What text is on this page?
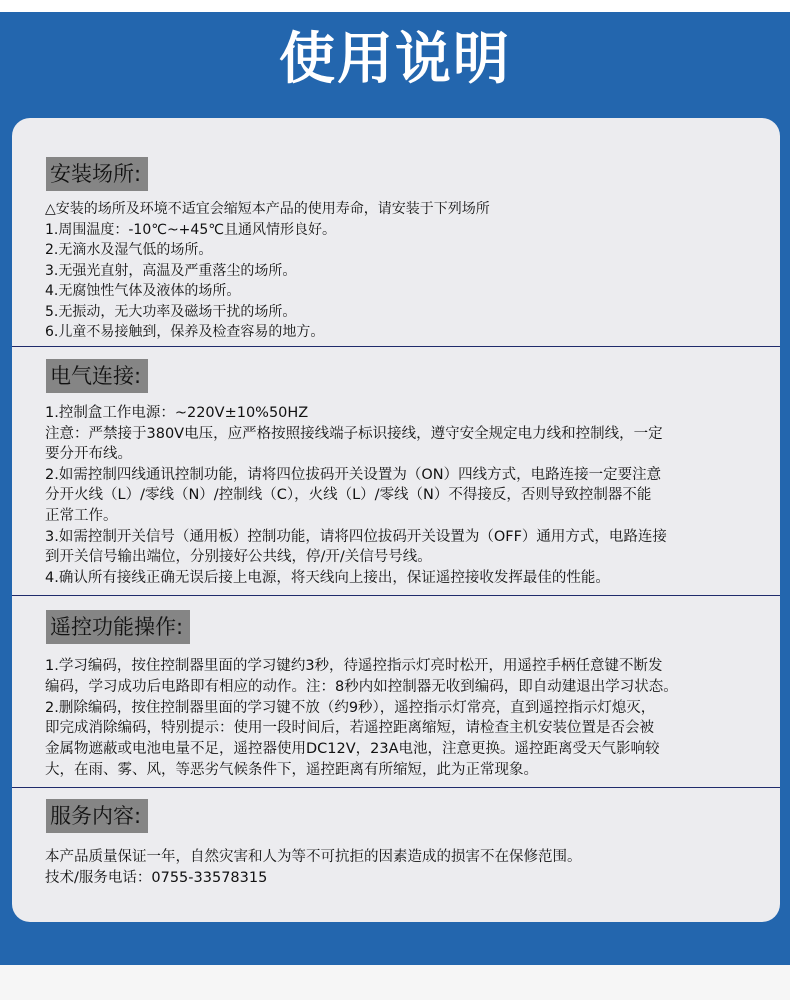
使用说明
安装场所:
△安装的场所及环境不适宜会缩短本产品的使用寿命，请安装于下列场所
1.周围温度：-10℃~+45℃且通风情形良好。
2.无滴水及湿气低的场所。
3.无强光直射，高温及严重落尘的场所。
4.无腐蚀性气体及液体的场所。
5.无振动，无大功率及磁场干扰的场所。
6.儿童不易接触到，保养及检查容易的地方。
电气连接:
1.控制盒工作电源：~220V±10%50HZ
注意：严禁接于380V电压，应严格按照接线端子标识接线，遵守安全规定电力线和控制线，一定
要分开布线。
2.如需控制四线通讯控制功能，请将四位拔码开关设置为（ON）四线方式，电路连接一定要注意
分开火线（L）/零线（N）/控制线（C），火线（L）/零线（N）不得接反，否则导致控制器不能
正常工作。
3.如需控制开关信号（通用板）控制功能，请将四位拔码开关设置为（OFF）通用方式，电路连接
到开关信号输出端位，分别接好公共线，停/开/关信号号线。
4.确认所有接线正确无误后接上电源，将天线向上接出，保证遥控接收发挥最佳的性能。
遥控功能操作:
1.学习编码，按住控制器里面的学习键约3秒，待遥控指示灯亮时松开，用遥控手柄任意键不断发
编码，学习成功后电路即有相应的动作。注：8秒内如控制器无收到编码，即自动建退出学习状态。
2.删除编码，按住控制器里面的学习键不放（约9秒），遥控指示灯常亮，直到遥控指示灯熄灭，
即完成消除编码，特别提示：使用一段时间后，若遥控距离缩短，请检查主机安装位置是否会被
金属物遮蔽或电池电量不足，遥控器使用DC12V，23A电池，注意更换。遥控距离受天气影响较
大，在雨、雾、风，等恶劣气候条件下，遥控距离有所缩短，此为正常现象。
服务内容:
本产品质量保证一年，自然灾害和人为等不可抗拒的因素造成的损害不在保修范围。
技术/服务电话：0755-33578315
